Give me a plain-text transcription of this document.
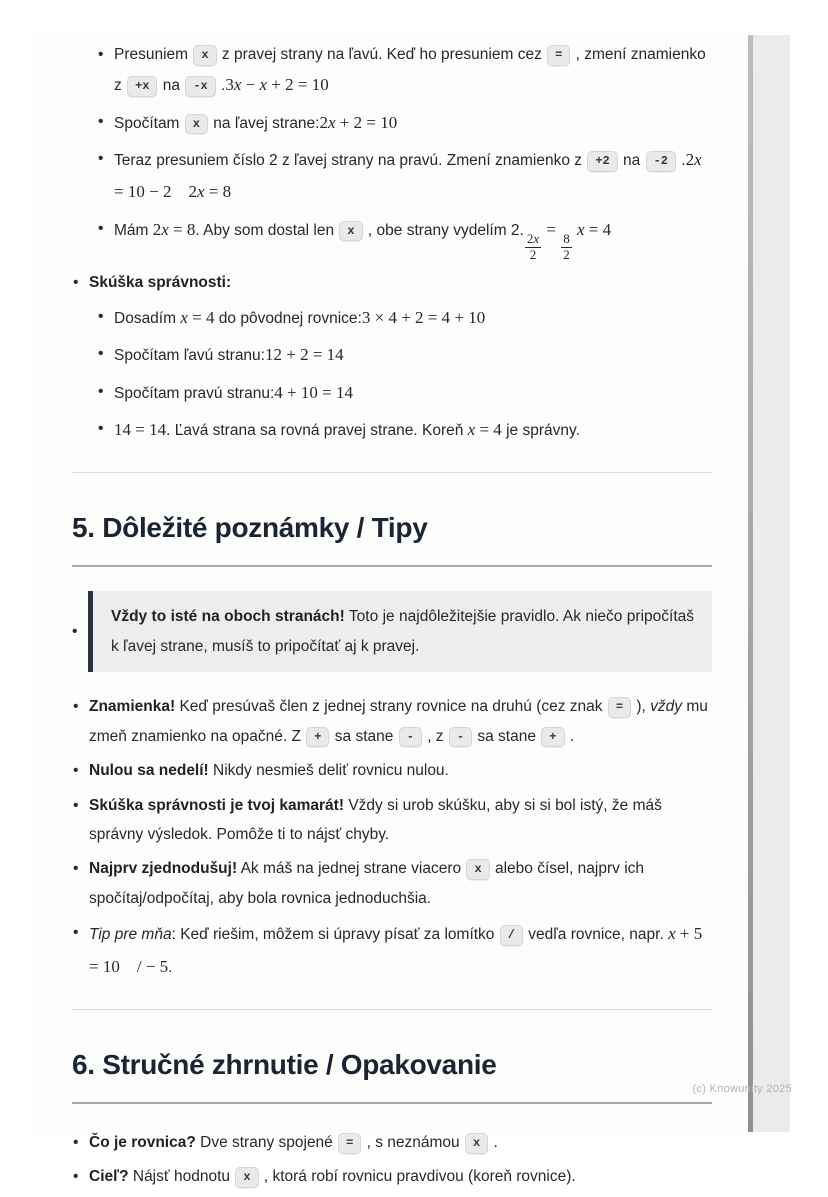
• Presuniem x z pravej strany na ľavú. Keď ho presuniem cez = , zmení znamienko z +x na -x .3x − x + 2 = 10
• Spočítam x na ľavej strane:2x + 2 = 10
• Teraz presuniem číslo 2 z ľavej strany na pravú. Zmení znamienko z +2 na -2 .2x = 10 − 2  2x = 8
• Mám 2x = 8. Aby som dostal len x , obe strany vydelím 2.
$\frac{2x}{2}$
=
$\frac{8}{2}$
x = 4
• Skúška správnosti:
• Dosadím x = 4 do pôvodnej rovnice:3 × 4 + 2 = 4 + 10
• Spočítam ľavú stranu:12 + 2 = 14
• Spočítam pravú stranu:4 + 10 = 14
• 14 = 14. Ľavá strana sa rovná pravej strane. Koreň x = 4 je správny.
5. Dôležité poznámky / Tipy
• Vždy to isté na oboch stranách! Toto je najdôležitejšie pravidlo. Ak niečo pripočítaš k ľavej strane, musíš to pripočítať aj k pravej.
• Znamienka! Keď presúvaš člen z jednej strany rovnice na druhú (cez znak = ), vždy mu zmeň znamienko na opačné. Z + sa stane - , z - sa stane + .
• Nulou sa nedelí! Nikdy nesmieš deliť rovnicu nulou.
• Skúška správnosti je tvoj kamarát! Vždy si urob skúšku, aby si si bol istý, že máš správny výsledok. Pomôže ti to nájsť chyby.
• Najprv zjednodušuj! Ak máš na jednej strane viacero x alebo čísel, najprv ich spočítaj/odpočítaj, aby bola rovnica jednoduchšia.
• Tip pre mňa: Keď riešim, môžem si úpravy písať za lomítko / vedľa rovnice, napr. x + 5 = 10  / − 5.
6. Stručné zhrnutie / Opakovanie
• Čo je rovnica? Dve strany spojené = , s neznámou x .
• Cieľ? Nájsť hodnotu x , ktorá robí rovnicu pravdivou (koreň rovnice).
(c) Knowunity 2025
